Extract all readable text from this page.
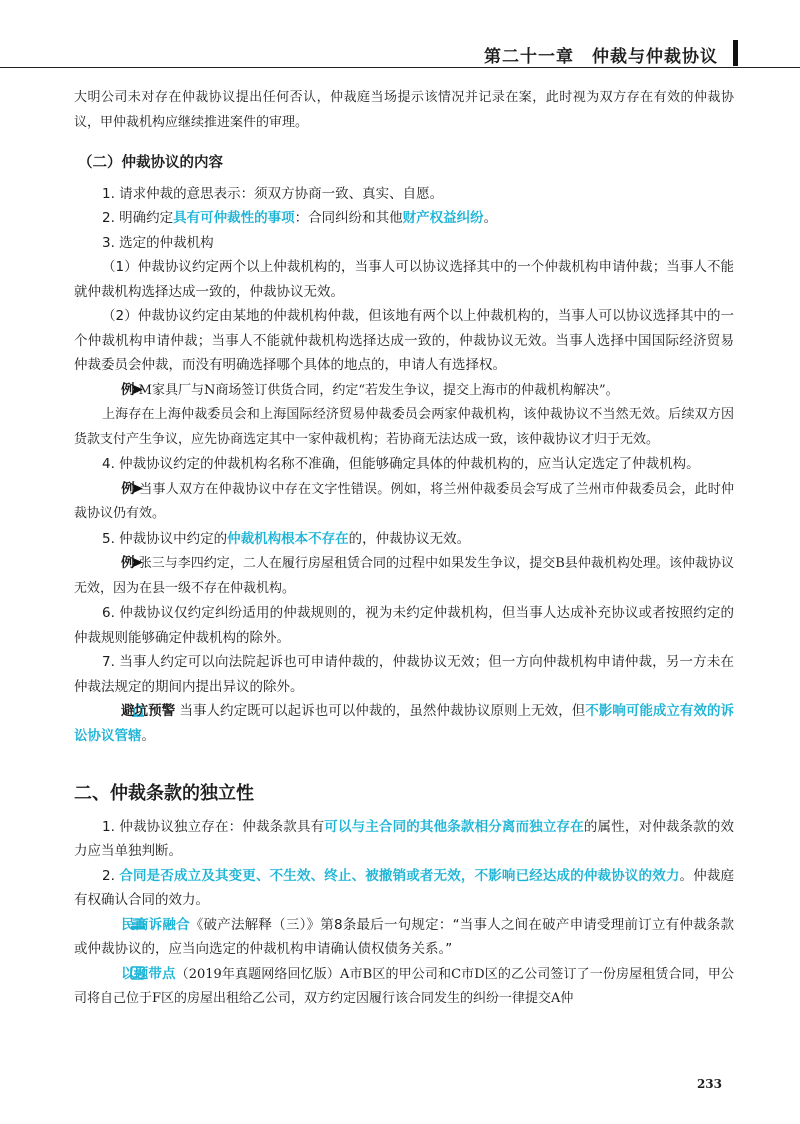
第二十一章　仲裁与仲裁协议

大明公司未对存在仲裁协议提出任何否认，仲裁庭当场提示该情况并记录在案，此时视为双方存在有效的仲裁协议，甲仲裁机构应继续推进案件的审理。

（二）仲裁协议的内容

1. 请求仲裁的意思表示：须双方协商一致、真实、自愿。

2. 明确约定具有可仲裁性的事项：合同纠纷和其他财产权益纠纷。

3. 选定的仲裁机构

（1）仲裁协议约定两个以上仲裁机构的，当事人可以协议选择其中的一个仲裁机构申请仲裁；当事人不能就仲裁机构选择达成一致的，仲裁协议无效。

（2）仲裁协议约定由某地的仲裁机构仲裁，但该地有两个以上仲裁机构的，当事人可以协议选择其中的一个仲裁机构申请仲裁；当事人不能就仲裁机构选择达成一致的，仲裁协议无效。当事人选择中国国际经济贸易仲裁委员会仲裁，而没有明确选择哪个具体的地点的，申请人有选择权。

例 M家具厂与N商场签订供货合同，约定“若发生争议，提交上海市的仲裁机构解决”。

上海存在上海仲裁委员会和上海国际经济贸易仲裁委员会两家仲裁机构，该仲裁协议不当然无效。后续双方因货款支付产生争议，应先协商选定其中一家仲裁机构；若协商无法达成一致，该仲裁协议才归于无效。

4. 仲裁协议约定的仲裁机构名称不准确，但能够确定具体的仲裁机构的，应当认定选定了仲裁机构。

例 当事人双方在仲裁协议中存在文字性错误。例如，将兰州仲裁委员会写成了兰州市仲裁委员会，此时仲裁协议仍有效。

5. 仲裁协议中约定的仲裁机构根本不存在的，仲裁协议无效。

例 张三与李四约定，二人在履行房屋租赁合同的过程中如果发生争议，提交B县仲裁机构处理。该仲裁协议无效，因为在县一级不存在仲裁机构。

6. 仲裁协议仅约定纠纷适用的仲裁规则的，视为未约定仲裁机构，但当事人达成补充协议或者按照约定的仲裁规则能够确定仲裁机构的除外。

7. 当事人约定可以向法院起诉也可申请仲裁的，仲裁协议无效；但一方向仲裁机构申请仲裁，另一方未在仲裁法规定的期间内提出异议的除外。

避坑预警 当事人约定既可以起诉也可以仲裁的，虽然仲裁协议原则上无效，但不影响可能成立有效的诉讼协议管辖。

二、仲裁条款的独立性

1. 仲裁协议独立存在：仲裁条款具有可以与主合同的其他条款相分离而独立存在的属性，对仲裁条款的效力应当单独判断。

2. 合同是否成立及其变更、不生效、终止、被撤销或者无效，不影响已经达成的仲裁协议的效力。仲裁庭有权确认合同的效力。

民商诉融合《破产法解释（三）》第8条最后一句规定：“当事人之间在破产申请受理前订立有仲裁条款或仲裁协议的，应当向选定的仲裁机构申请确认债权债务关系。”

以题带点（2019年真题网络回忆版）A市B区的甲公司和C市D区的乙公司签订了一份房屋租赁合同，甲公司将自己位于F区的房屋出租给乙公司，双方约定因履行该合同发生的纠纷一律提交A仲

233
